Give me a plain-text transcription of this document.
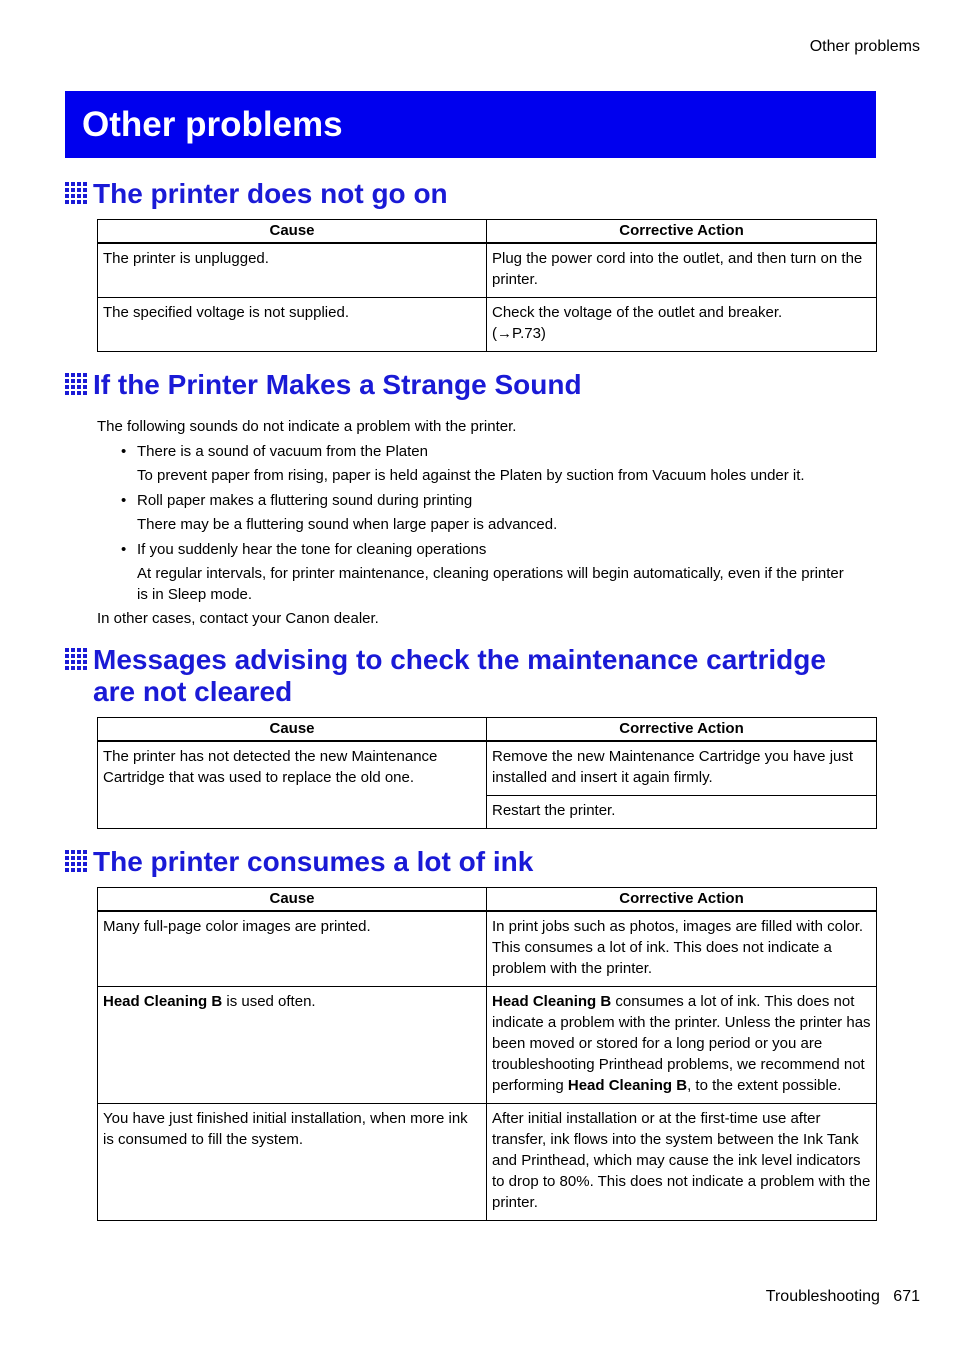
Other problems
Other problems
The printer does not go on
Cause	Corrective Action
The printer is unplugged.	Plug the power cord into the outlet, and then turn on the printer.
The specified voltage is not supplied.	Check the voltage of the outlet and breaker.
(→P.73)
If the Printer Makes a Strange Sound
The following sounds do not indicate a problem with the printer.
• There is a sound of vacuum from the Platen
To prevent paper from rising, paper is held against the Platen by suction from Vacuum holes under it.
• Roll paper makes a fluttering sound during printing
There may be a fluttering sound when large paper is advanced.
• If you suddenly hear the tone for cleaning operations
At regular intervals, for printer maintenance, cleaning operations will begin automatically, even if the printer is in Sleep mode.
In other cases, contact your Canon dealer.
Messages advising to check the maintenance cartridge
are not cleared
Cause	Corrective Action
The printer has not detected the new Maintenance Cartridge that was used to replace the old one.	Remove the new Maintenance Cartridge you have just installed and insert it again firmly.
	Restart the printer.
The printer consumes a lot of ink
Cause	Corrective Action
Many full-page color images are printed.	In print jobs such as photos, images are filled with color. This consumes a lot of ink. This does not indicate a problem with the printer.
Head Cleaning B is used often.	Head Cleaning B consumes a lot of ink. This does not indicate a problem with the printer. Unless the printer has been moved or stored for a long period or you are troubleshooting Printhead problems, we recommend not performing Head Cleaning B, to the extent possible.
You have just finished initial installation, when more ink is consumed to fill the system.	After initial installation or at the first-time use after transfer, ink flows into the system between the Ink Tank and Printhead, which may cause the ink level indicators to drop to 80%. This does not indicate a problem with the printer.
Troubleshooting 671
